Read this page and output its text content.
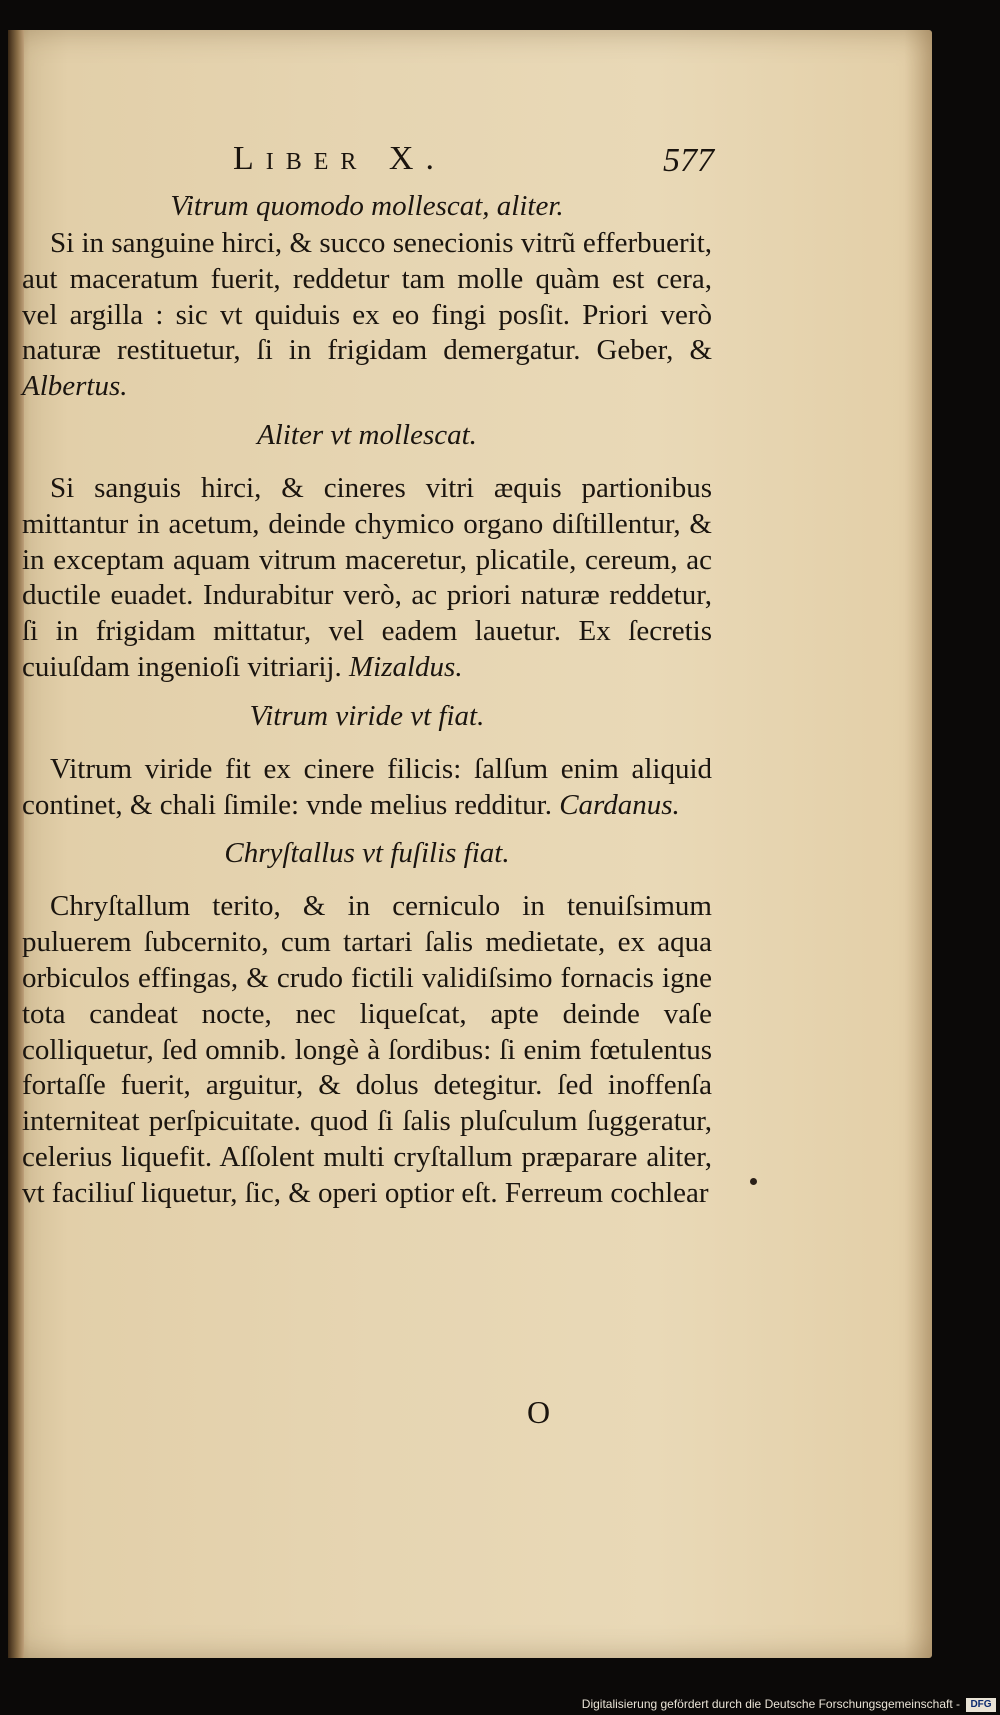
Liber X.	577

Vitrum quomodo mollescat, aliter.

Si in sanguine hirci, & succo senecionis vitrũ efferbuerit, aut maceratum fuerit, reddetur tam molle quàm est cera, vel argilla : sic vt quiduis ex eo fingi posſit. Priori verò naturæ restituetur, ſi in frigidam demergatur. Geber, & Albertus.

Aliter vt mollescat.

Si sanguis hirci, & cineres vitri æquis partionibus mittantur in acetum, deinde chymico organo diſtillentur, & in exceptam aquam vitrum maceretur, plicatile, cereum, ac ductile euadet. Indurabitur verò, ac priori naturæ reddetur, ſi in frigidam mittatur, vel eadem lauetur. Ex ſecretis cuiuſdam ingenioſi vitriarij. Mizaldus.

Vitrum viride vt fiat.

Vitrum viride fit ex cinere filicis: ſalſum enim aliquid continet, & chali ſimile: vnde melius redditur. Cardanus.

Chryſtallus vt fuſilis fiat.

Chryſtallum terito, & in cerniculo in tenuiſsimum puluerem ſubcernito, cum tartari ſalis medietate, ex aqua orbiculos effingas, & crudo fictili validiſsimo fornacis igne tota candeat nocte, nec liqueſcat, apte deinde vaſe colliquetur, ſed omnib. longè à ſordibus: ſi enim fœtulentus fortaſſe fuerit, arguitur, & dolus detegitur. ſed inoffenſa interniteat perſpicuitate. quod ſi ſalis pluſculum ſuggeratur, celerius liquefit. Aſſolent multi cryſtallum præparare aliter, vt faciliuſ liquetur, ſic, & operi optior eſt. Ferreum cochlear

O
Digitalisierung gefördert durch die Deutsche Forschungsgemeinschaft -	DFG
